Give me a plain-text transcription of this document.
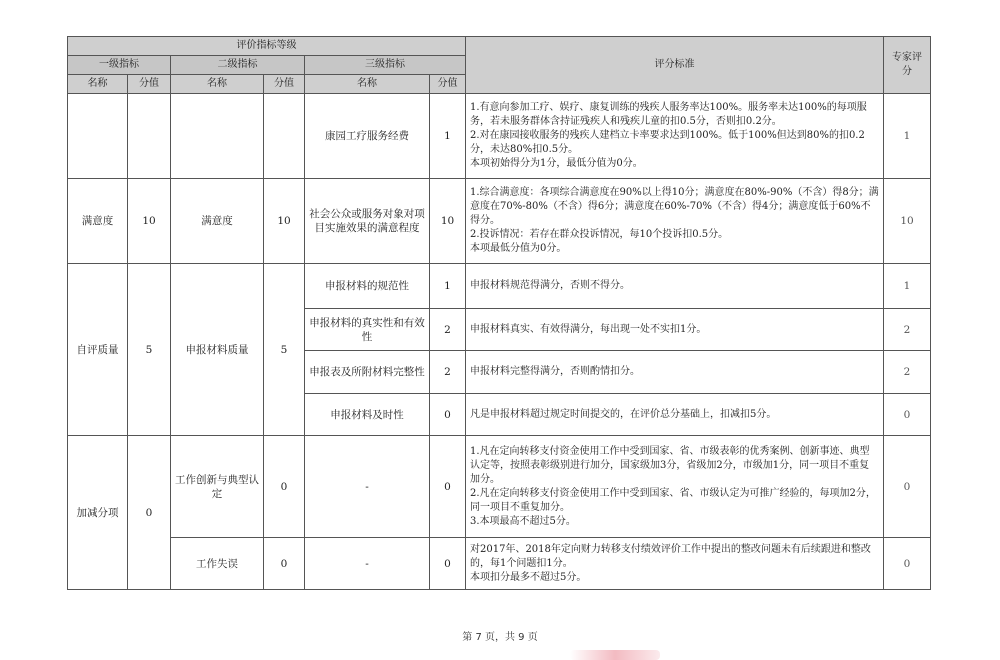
评价指标等级						评分标准	专家评分
一级指标		二级指标		三级指标			
名称	分值	名称	分值	名称	分值		
				康园工疗服务经费	1	1.有意向参加工疗、娱疗、康复训练的残疾人服务率达100%。服务率未达100%的每项服务，若未服务群体含持证残疾人和残疾儿童的扣0.5分，否则扣0.2分。
2.对在康园接收服务的残疾人建档立卡率要求达到100%。低于100%但达到80%的扣0.2分，未达80%扣0.5分。
本项初始得分为1分，最低分值为0分。	1
满意度	10	满意度	10	社会公众或服务对象对项目实施效果的满意程度	10	1.综合满意度：各项综合满意度在90%以上得10分；满意度在80%-90%（不含）得8分；满意度在70%-80%（不含）得6分；满意度在60%-70%（不含）得4分；满意度低于60%不得分。
2.投诉情况：若存在群众投诉情况，每10个投诉扣0.5分。
本项最低分值为0分。	10
自评质量	5	申报材料质量	5	申报材料的规范性	1	申报材料规范得满分，否则不得分。	1
				申报材料的真实性和有效性	2	申报材料真实、有效得满分，每出现一处不实扣1分。	2
				申报表及所附材料完整性	2	申报材料完整得满分，否则酌情扣分。	2
				申报材料及时性	0	凡是申报材料超过规定时间提交的，在评价总分基础上，扣减扣5分。	0
加减分项	0	工作创新与典型认定	0	-	0	1.凡在定向转移支付资金使用工作中受到国家、省、市级表彰的优秀案例、创新事迹、典型认定等，按照表彰级别进行加分，国家级加3分，省级加2分，市级加1分，同一项目不重复加分。
2.凡在定向转移支付资金使用工作中受到国家、省、市级认定为可推广经验的，每项加2分，同一项目不重复加分。
3.本项最高不超过5分。	0
		工作失误	0	-	0	对2017年、2018年定向财力转移支付绩效评价工作中提出的整改问题未有后续跟进和整改的，每1个问题扣1分。
本项扣分最多不超过5分。	0
第 7 页，共 9 页
